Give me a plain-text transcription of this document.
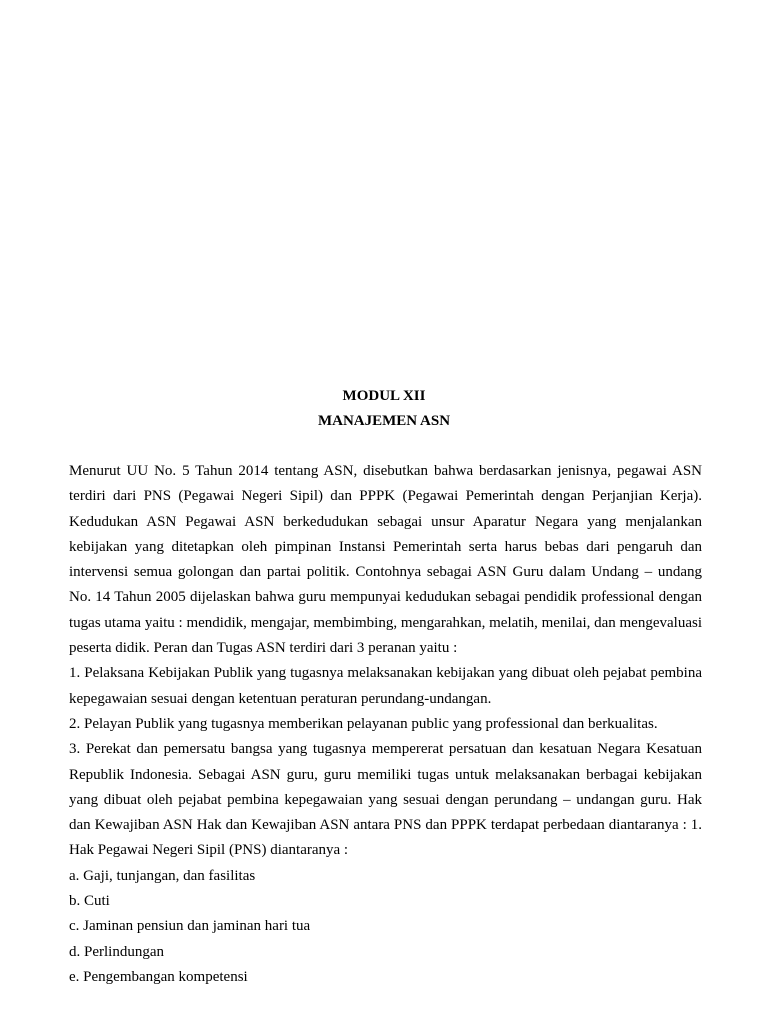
MODUL XII
MANAJEMEN ASN

Menurut UU No. 5 Tahun 2014 tentang ASN, disebutkan bahwa berdasarkan jenisnya, pegawai ASN terdiri dari PNS (Pegawai Negeri Sipil) dan PPPK (Pegawai Pemerintah dengan Perjanjian Kerja). Kedudukan ASN Pegawai ASN berkedudukan sebagai unsur Aparatur Negara yang menjalankan kebijakan yang ditetapkan oleh pimpinan Instansi Pemerintah serta harus bebas dari pengaruh dan intervensi semua golongan dan partai politik. Contohnya sebagai ASN Guru dalam Undang – undang No. 14 Tahun 2005 dijelaskan bahwa guru mempunyai kedudukan sebagai pendidik professional dengan tugas utama yaitu : mendidik, mengajar, membimbing, mengarahkan, melatih, menilai, dan mengevaluasi peserta didik. Peran dan Tugas ASN terdiri dari 3 peranan yaitu :

1. Pelaksana Kebijakan Publik yang tugasnya melaksanakan kebijakan yang dibuat oleh pejabat pembina kepegawaian sesuai dengan ketentuan peraturan perundang-undangan.

2. Pelayan Publik yang tugasnya memberikan pelayanan public yang professional dan berkualitas.

3. Perekat dan pemersatu bangsa yang tugasnya mempererat persatuan dan kesatuan Negara Kesatuan Republik Indonesia. Sebagai ASN guru, guru memiliki tugas untuk melaksanakan berbagai kebijakan yang dibuat oleh pejabat pembina kepegawaian yang sesuai dengan perundang – undangan guru. Hak dan Kewajiban ASN Hak dan Kewajiban ASN antara PNS dan PPPK terdapat perbedaan diantaranya : 1. Hak Pegawai Negeri Sipil (PNS) diantaranya :

a. Gaji, tunjangan, dan fasilitas

b. Cuti

c. Jaminan pensiun dan jaminan hari tua

d. Perlindungan

e. Pengembangan kompetensi
